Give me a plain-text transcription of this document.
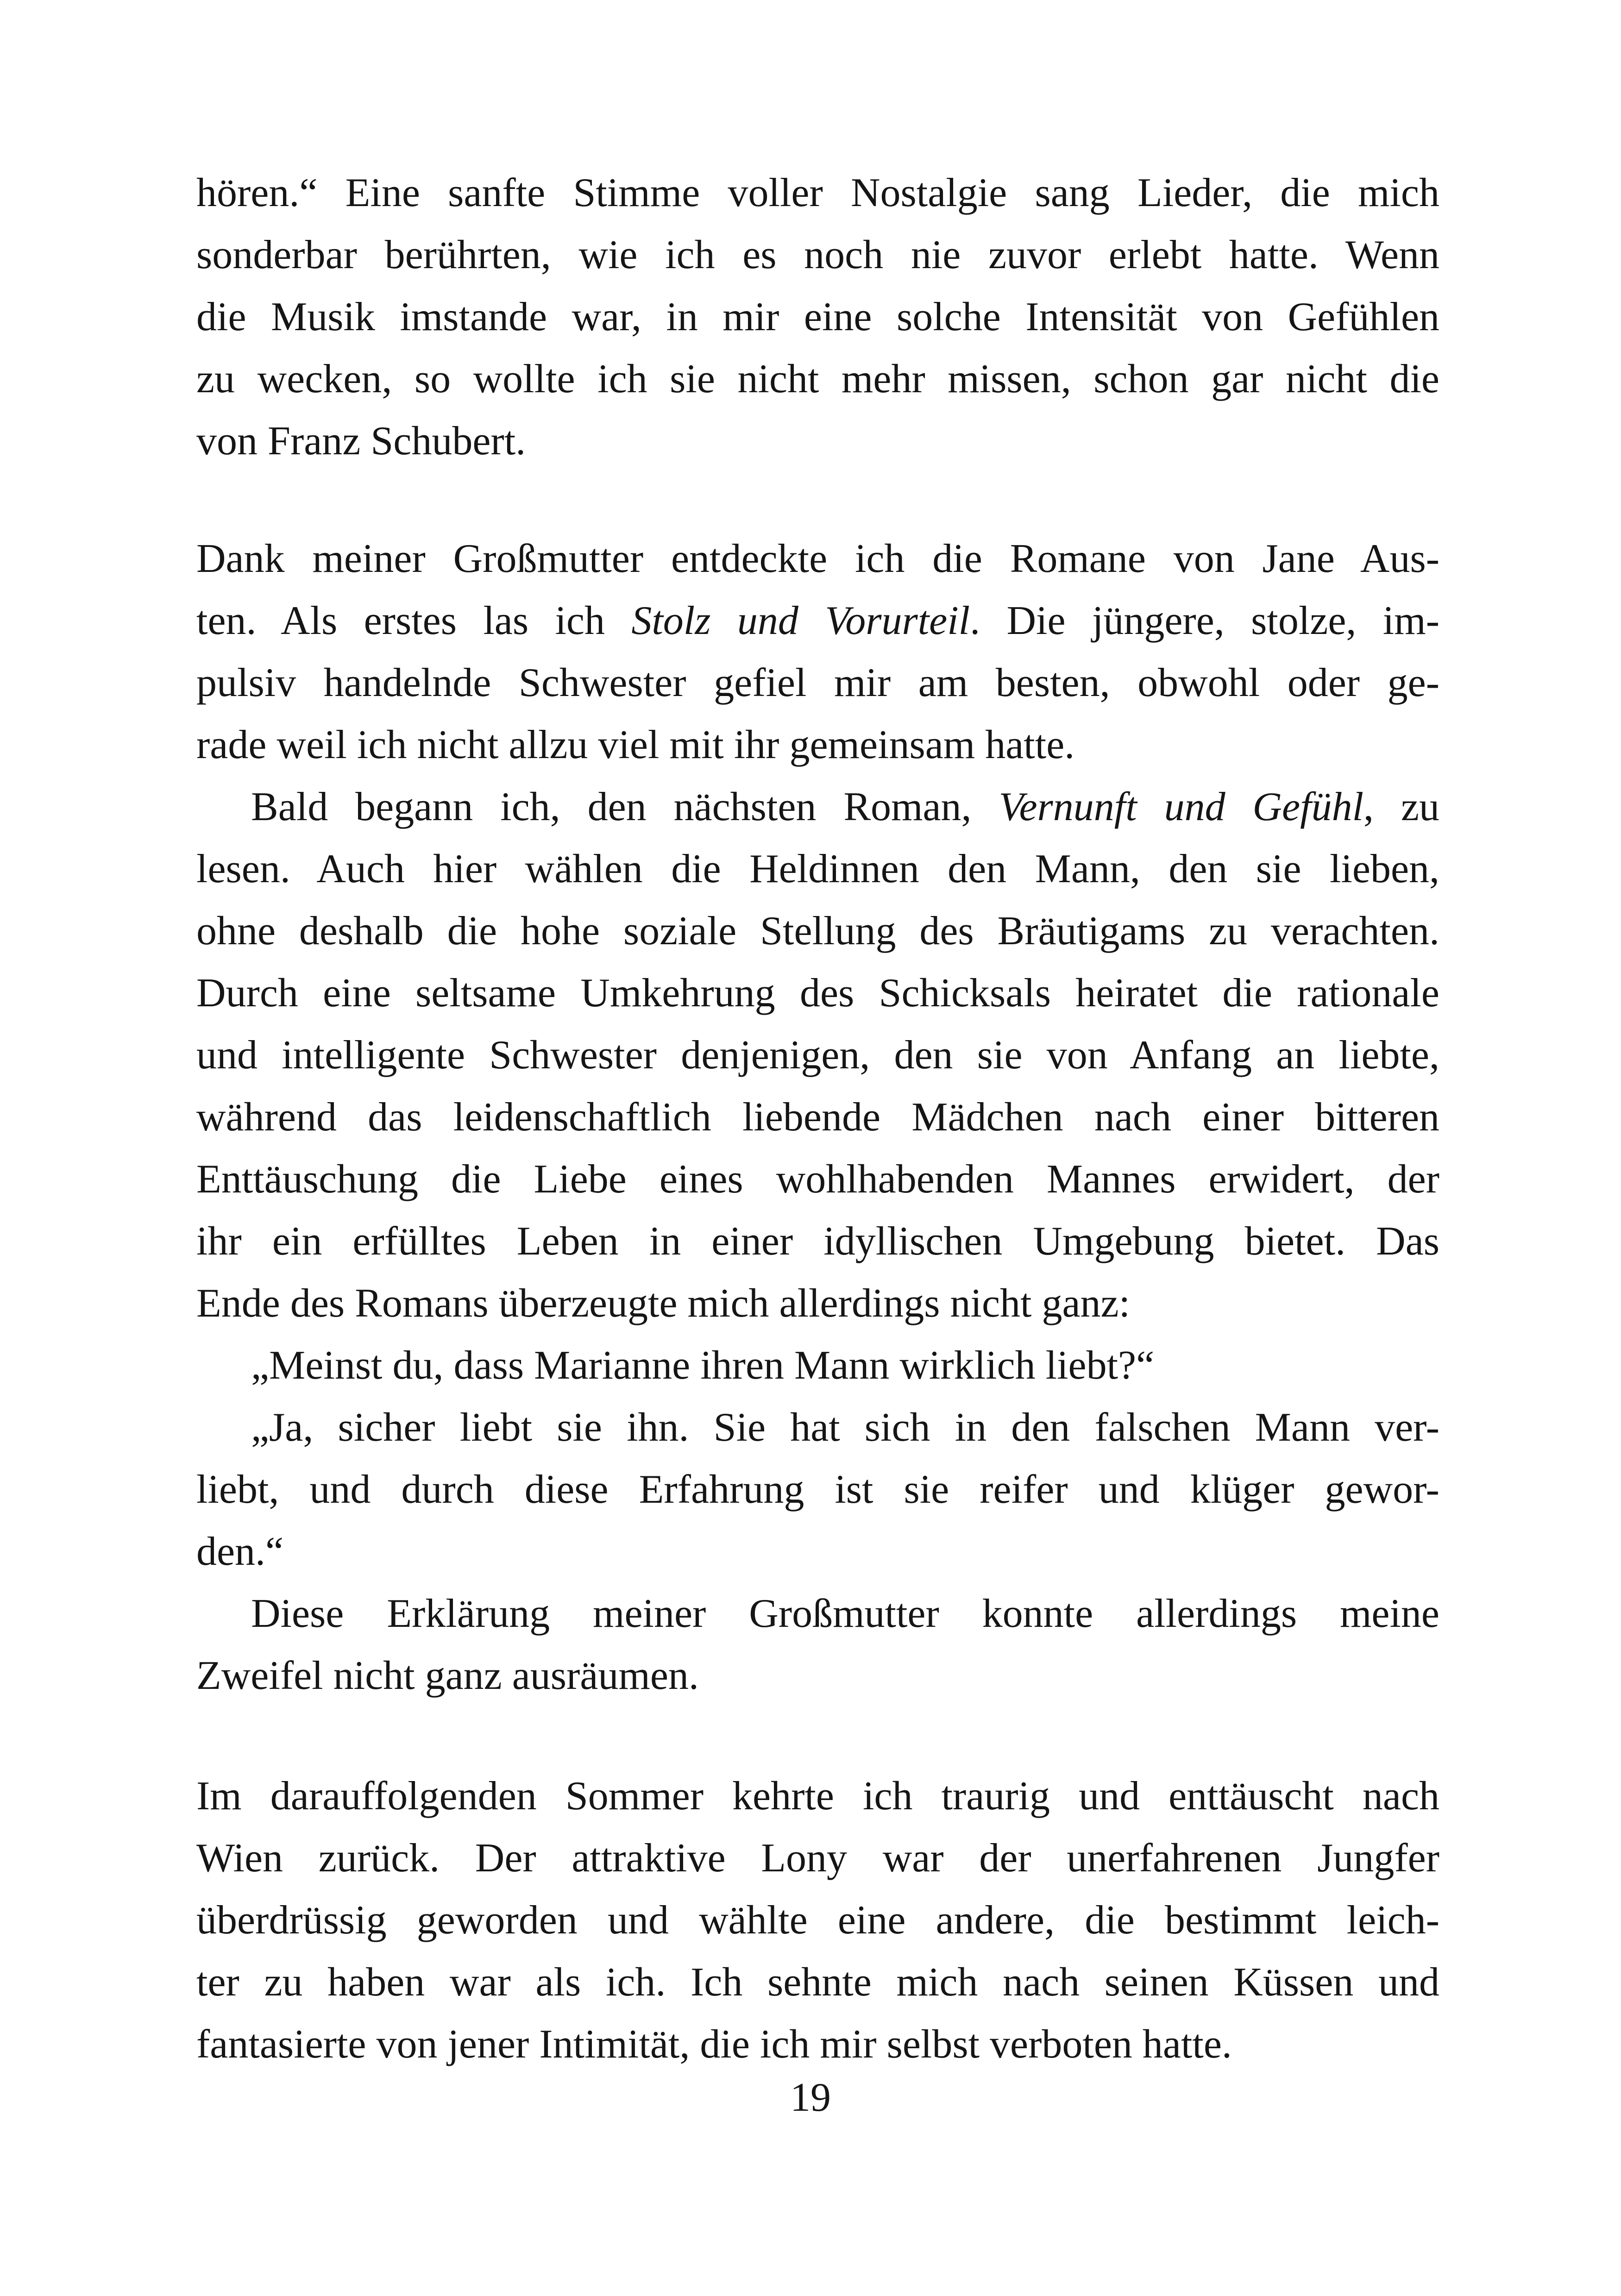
hören.“ Eine sanfte Stimme voller Nostalgie sang Lieder, die mich
sonderbar berührten, wie ich es noch nie zuvor erlebt hatte. Wenn
die Musik imstande war, in mir eine solche Intensität von Gefühlen
zu wecken, so wollte ich sie nicht mehr missen, schon gar nicht die
von Franz Schubert.
Dank meiner Großmutter entdeckte ich die Romane von Jane Aus-
ten. Als erstes las ich Stolz und Vorurteil. Die jüngere, stolze, im-
pulsiv handelnde Schwester gefiel mir am besten, obwohl oder ge-
rade weil ich nicht allzu viel mit ihr gemeinsam hatte.
Bald begann ich, den nächsten Roman, Vernunft und Gefühl, zu
lesen. Auch hier wählen die Heldinnen den Mann, den sie lieben,
ohne deshalb die hohe soziale Stellung des Bräutigams zu verachten.
Durch eine seltsame Umkehrung des Schicksals heiratet die rationale
und intelligente Schwester denjenigen, den sie von Anfang an liebte,
während das leidenschaftlich liebende Mädchen nach einer bitteren
Enttäuschung die Liebe eines wohlhabenden Mannes erwidert, der
ihr ein erfülltes Leben in einer idyllischen Umgebung bietet. Das
Ende des Romans überzeugte mich allerdings nicht ganz:
„Meinst du, dass Marianne ihren Mann wirklich liebt?“
„Ja, sicher liebt sie ihn. Sie hat sich in den falschen Mann ver-
liebt, und durch diese Erfahrung ist sie reifer und klüger gewor-
den.“
Diese Erklärung meiner Großmutter konnte allerdings meine
Zweifel nicht ganz ausräumen.
Im darauffolgenden Sommer kehrte ich traurig und enttäuscht nach
Wien zurück. Der attraktive Lony war der unerfahrenen Jungfer
überdrüssig geworden und wählte eine andere, die bestimmt leich-
ter zu haben war als ich. Ich sehnte mich nach seinen Küssen und
fantasierte von jener Intimität, die ich mir selbst verboten hatte.
19
